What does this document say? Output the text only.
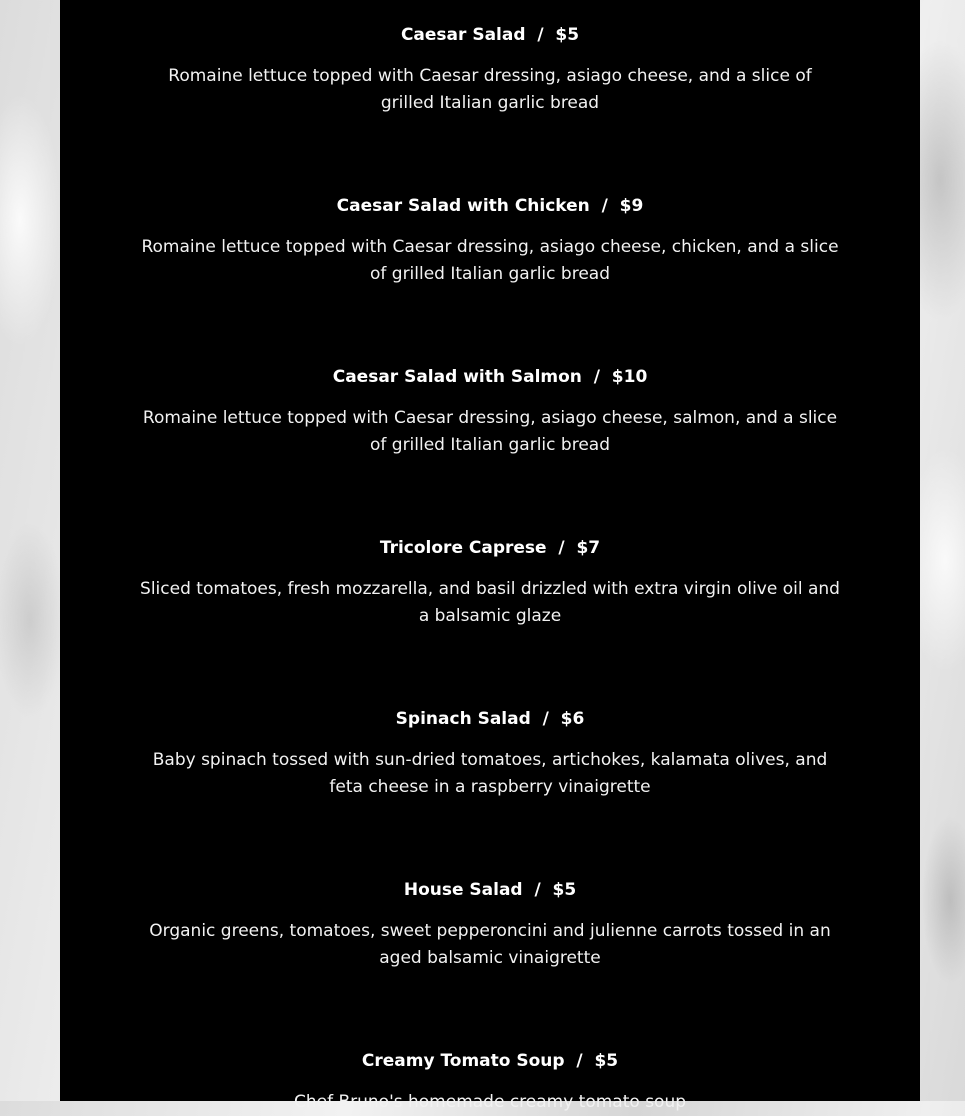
Caesar Salad  /  $5
Romaine lettuce topped with Caesar dressing, asiago cheese, and a slice of grilled Italian garlic bread
Caesar Salad with Chicken  /  $9
Romaine lettuce topped with Caesar dressing, asiago cheese, chicken, and a slice of grilled Italian garlic bread
Caesar Salad with Salmon  /  $10
Romaine lettuce topped with Caesar dressing, asiago cheese, salmon, and a slice of grilled Italian garlic bread
Tricolore Caprese  /  $7
Sliced tomatoes, fresh mozzarella, and basil drizzled with extra virgin olive oil and a balsamic glaze
Spinach Salad  /  $6
Baby spinach tossed with sun-dried tomatoes, artichokes, kalamata olives, and feta cheese in a raspberry vinaigrette
House Salad  /  $5
Organic greens, tomatoes, sweet pepperoncini and julienne carrots tossed in an aged balsamic vinaigrette
Creamy Tomato Soup  /  $5
Chef Bruno's homemade creamy tomato soup
